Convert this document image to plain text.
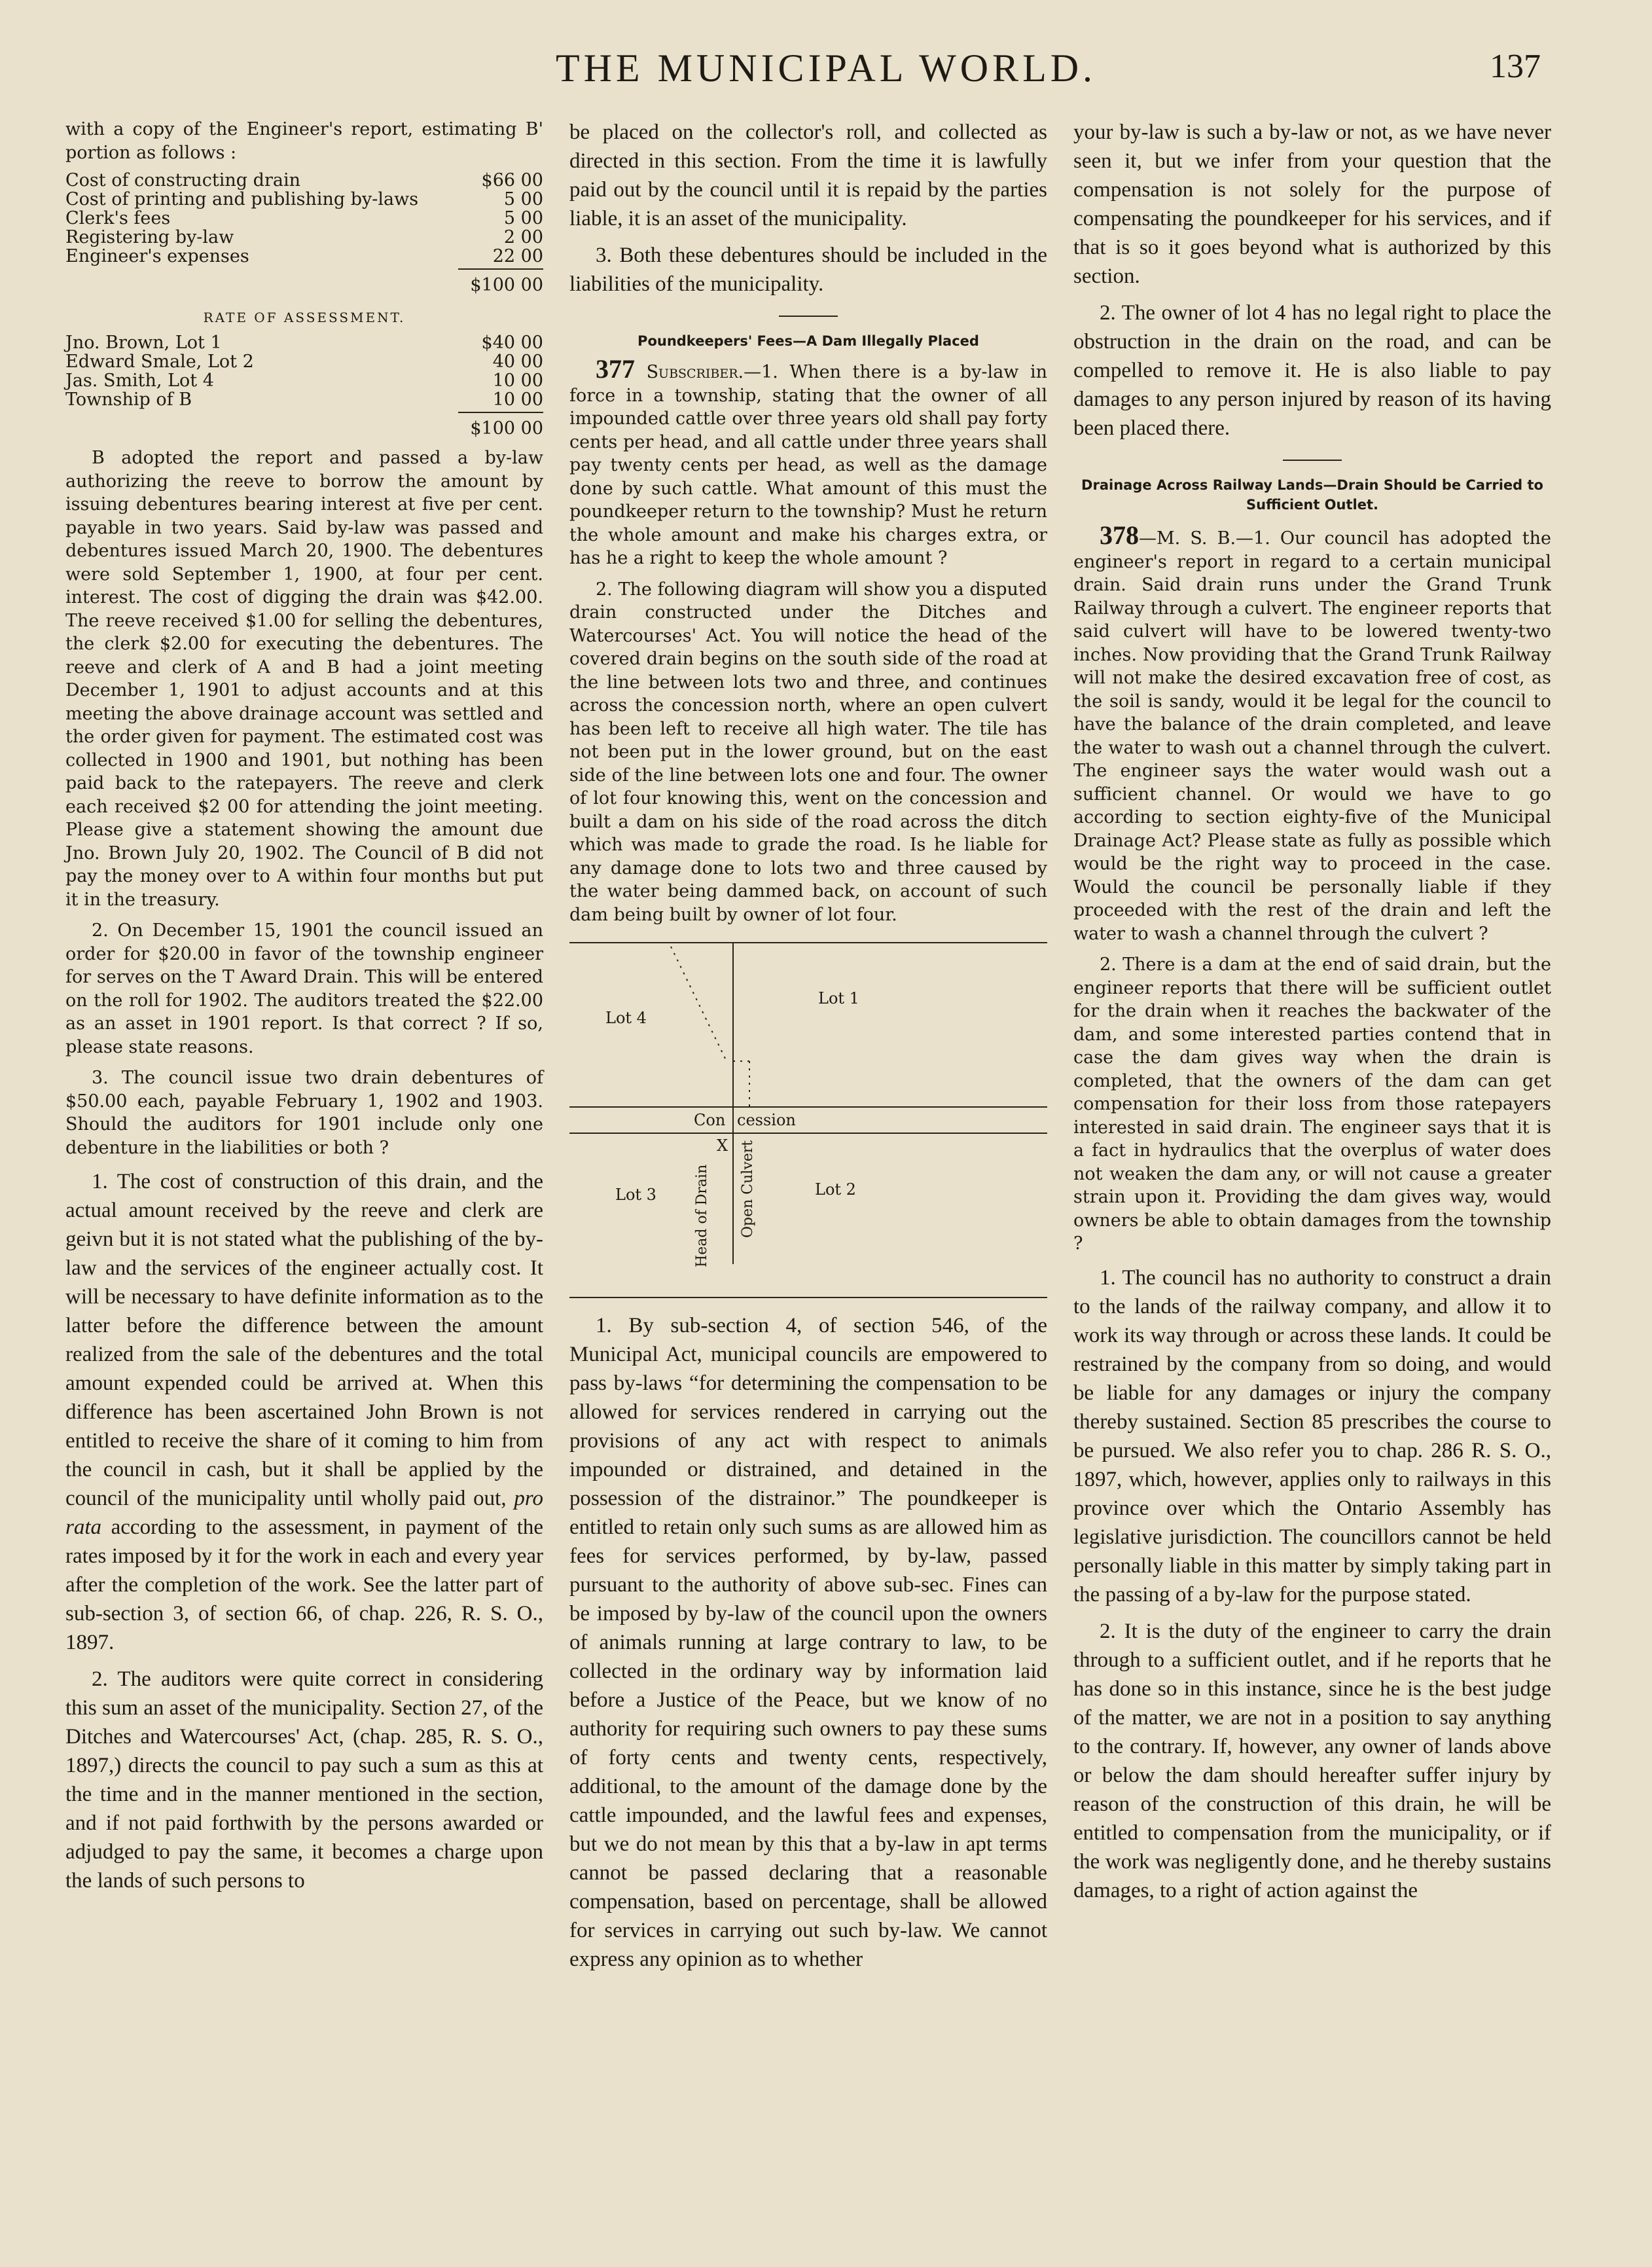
THE MUNICIPAL WORLD.	137

with a copy of the Engineer's report, estimating B' portion as follows :

Cost of constructing drain	$66 00
Cost of printing and publishing by-laws	5 00
Clerk's fees	5 00
Registering by-law	2 00
Engineer's expenses	22 00
$100 00
RATE OF ASSESSMENT.
Jno. Brown, Lot 1	$40 00
Edward Smale, Lot 2	40 00
Jas. Smith, Lot 4	10 00
Township of B	10 00
$100 00

B adopted the report and passed a by-law authorizing the reeve to borrow the amount by issuing debentures bearing interest at five per cent. payable in two years. Said by-law was passed and debentures issued March 20, 1900. The debentures were sold September 1, 1900, at four per cent. interest. The cost of digging the drain was $42.00. The reeve received $1.00 for selling the debentures, the clerk $2.00 for executing the debentures. The reeve and clerk of A and B had a joint meeting December 1, 1901 to adjust accounts and at this meeting the above drainage account was settled and the order given for payment. The estimated cost was collected in 1900 and 1901, but nothing has been paid back to the ratepayers. The reeve and clerk each received $2 00 for attending the joint meeting. Please give a statement showing the amount due Jno. Brown July 20, 1902. The Council of B did not pay the money over to A within four months but put it in the treasury.

2. On December 15, 1901 the council issued an order for $20.00 in favor of the township engineer for serves on the T Award Drain. This will be entered on the roll for 1902. The auditors treated the $22.00 as an asset in 1901 report. Is that correct ? If so, please state reasons.

3. The council issue two drain debentures of $50.00 each, payable February 1, 1902 and 1903. Should the auditors for 1901 include only one debenture in the liabilities or both ?

1. The cost of construction of this drain, and the actual amount received by the reeve and clerk are geivn but it is not stated what the publishing of the by-law and the services of the engineer actually cost. It will be necessary to have definite information as to the latter before the difference between the amount realized from the sale of the debentures and the total amount expended could be arrived at. When this difference has been ascertained John Brown is not entitled to receive the share of it coming to him from the council in cash, but it shall be applied by the council of the municipality until wholly paid out, pro rata according to the assessment, in payment of the rates imposed by it for the work in each and every year after the completion of the work. See the latter part of sub-section 3, of section 66, of chap. 226, R. S. O., 1897.

2. The auditors were quite correct in considering this sum an asset of the municipality. Section 27, of the Ditches and Watercourses' Act, (chap. 285, R. S. O., 1897,) directs the council to pay such a sum as this at the time and in the manner mentioned in the section, and if not paid forthwith by the persons awarded or adjudged to pay the same, it becomes a charge upon the lands of such persons to

be placed on the collector's roll, and collected as directed in this section. From the time it is lawfully paid out by the council until it is repaid by the parties liable, it is an asset of the municipality.

3. Both these debentures should be included in the liabilities of the municipality.

Poundkeepers' Fees—A Dam Illegally Placed

377 Subscriber.—1. When there is a by-law in force in a township, stating that the owner of all impounded cattle over three years old shall pay forty cents per head, and all cattle under three years shall pay twenty cents per head, as well as the damage done by such cattle. What amount of this must the poundkeeper return to the township? Must he return the whole amount and make his charges extra, or has he a right to keep the whole amount ?

2. The following diagram will show you a disputed drain constructed under the Ditches and Watercourses' Act. You will notice the head of the covered drain begins on the south side of the road at the line between lots two and three, and continues across the concession north, where an open culvert has been left to receive all high water. The tile has not been put in the lower ground, but on the east side of the line between lots one and four. The owner of lot four knowing this, went on the concession and built a dam on his side of the road across the ditch which was made to grade the road. Is he liable for any damage done to lots two and three caused by the water being dammed back, on account of such dam being built by owner of lot four.

Lot 4
Lot 1
Lot 3	Lot 2
Con cession
X
Head of Drain Open Culvert

1. By sub-section 4, of section 546, of the Municipal Act, municipal councils are empowered to pass by-laws “for determining the compensation to be allowed for services rendered in carrying out the provisions of any act with respect to animals impounded or distrained, and detained in the possession of the distrainor.” The poundkeeper is entitled to retain only such sums as are allowed him as fees for services performed, by by-law, passed pursuant to the authority of above sub-sec. Fines can be imposed by by-law of the council upon the owners of animals running at large contrary to law, to be collected in the ordinary way by information laid before a Justice of the Peace, but we know of no authority for requiring such owners to pay these sums of forty cents and twenty cents, respectively, additional, to the amount of the damage done by the cattle impounded, and the lawful fees and expenses, but we do not mean by this that a by-law in apt terms cannot be passed declaring that a reasonable compensation, based on percentage, shall be allowed for services in carrying out such by-law. We cannot express any opinion as to whether

your by-law is such a by-law or not, as we have never seen it, but we infer from your question that the compensation is not solely for the purpose of compensating the poundkeeper for his services, and if that is so it goes beyond what is authorized by this section.

2. The owner of lot 4 has no legal right to place the obstruction in the drain on the road, and can be compelled to remove it. He is also liable to pay damages to any person injured by reason of its having been placed there.

Drainage Across Railway Lands—Drain Should be Carried to Sufficient Outlet.

378—M. S. B.—1. Our council has adopted the engineer's report in regard to a certain municipal drain. Said drain runs under the Grand Trunk Railway through a culvert. The engineer reports that said culvert will have to be lowered twenty-two inches. Now providing that the Grand Trunk Railway will not make the desired excavation free of cost, as the soil is sandy, would it be legal for the council to have the balance of the drain completed, and leave the water to wash out a channel through the culvert. The engineer says the water would wash out a sufficient channel. Or would we have to go according to section eighty-five of the Municipal Drainage Act? Please state as fully as possible which would be the right way to proceed in the case. Would the council be personally liable if they proceeded with the rest of the drain and left the water to wash a channel through the culvert ?

2. There is a dam at the end of said drain, but the engineer reports that there will be sufficient outlet for the drain when it reaches the backwater of the dam, and some interested parties contend that in case the dam gives way when the drain is completed, that the owners of the dam can get compensation for their loss from those ratepayers interested in said drain. The engineer says that it is a fact in hydraulics that the overplus of water does not weaken the dam any, or will not cause a greater strain upon it. Providing the dam gives way, would owners be able to obtain damages from the township ?

1. The council has no authority to construct a drain to the lands of the railway company, and allow it to work its way through or across these lands. It could be restrained by the company from so doing, and would be liable for any damages or injury the company thereby sustained. Section 85 prescribes the course to be pursued. We also refer you to chap. 286 R. S. O., 1897, which, however, applies only to railways in this province over which the Ontario Assembly has legislative jurisdiction. The councillors cannot be held personally liable in this matter by simply taking part in the passing of a by-law for the purpose stated.

2. It is the duty of the engineer to carry the drain through to a sufficient outlet, and if he reports that he has done so in this instance, since he is the best judge of the matter, we are not in a position to say anything to the contrary. If, however, any owner of lands above or below the dam should hereafter suffer injury by reason of the construction of this drain, he will be entitled to compensation from the municipality, or if the work was negligently done, and he thereby sustains damages, to a right of action against the
